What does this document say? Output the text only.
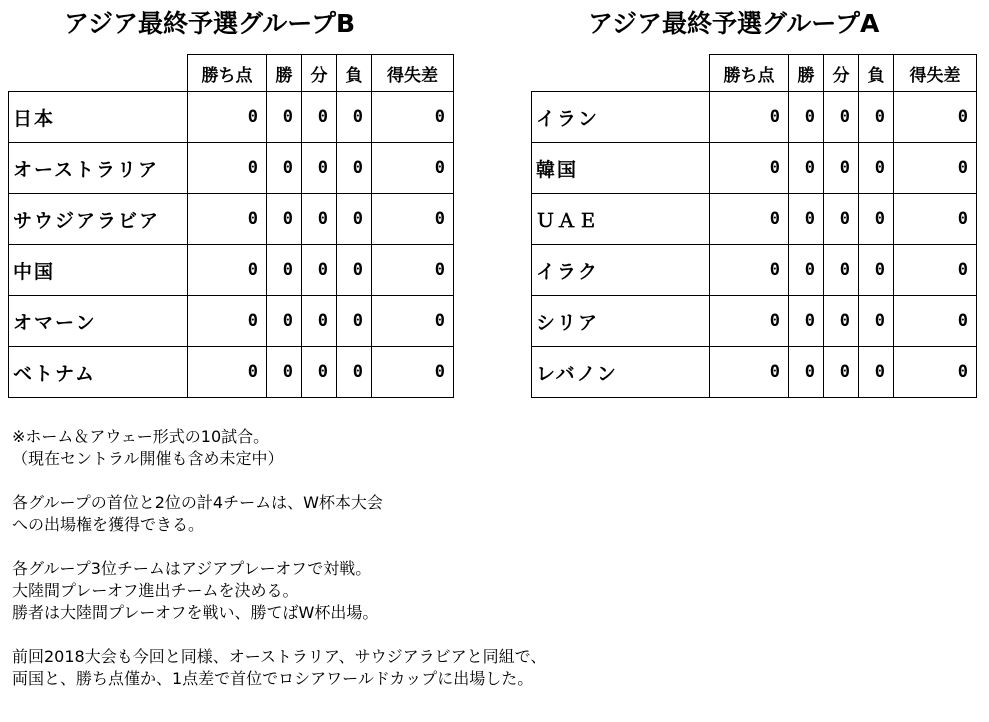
アジア最終予選グループB	アジア最終予選グループA
	勝ち点	勝	分	負	得失差
日本	0	0	0	0	0
オーストラリア	0	0	0	0	0
サウジアラビア	0	0	0	0	0
中国	0	0	0	0	0
オマーン	0	0	0	0	0
ベトナム	0	0	0	0	0
	勝ち点	勝	分	負	得失差
イラン	0	0	0	0	0
韓国	0	0	0	0	0
ＵＡＥ	0	0	0	0	0
イラク	0	0	0	0	0
シリア	0	0	0	0	0
レバノン	0	0	0	0	0

※ホーム＆アウェー形式の10試合。

（現在セントラル開催も含め未定中）

各グループの首位と2位の計4チームは、W杯本大会

への出場権を獲得できる。

各グループ3位チームはアジアプレーオフで対戦。

大陸間プレーオフ進出チームを決める。

勝者は大陸間プレーオフを戦い、勝てばW杯出場。

前回2018大会も今回と同様、オーストラリア、サウジアラビアと同組で、

両国と、勝ち点僅か、1点差で首位でロシアワールドカップに出場した。
